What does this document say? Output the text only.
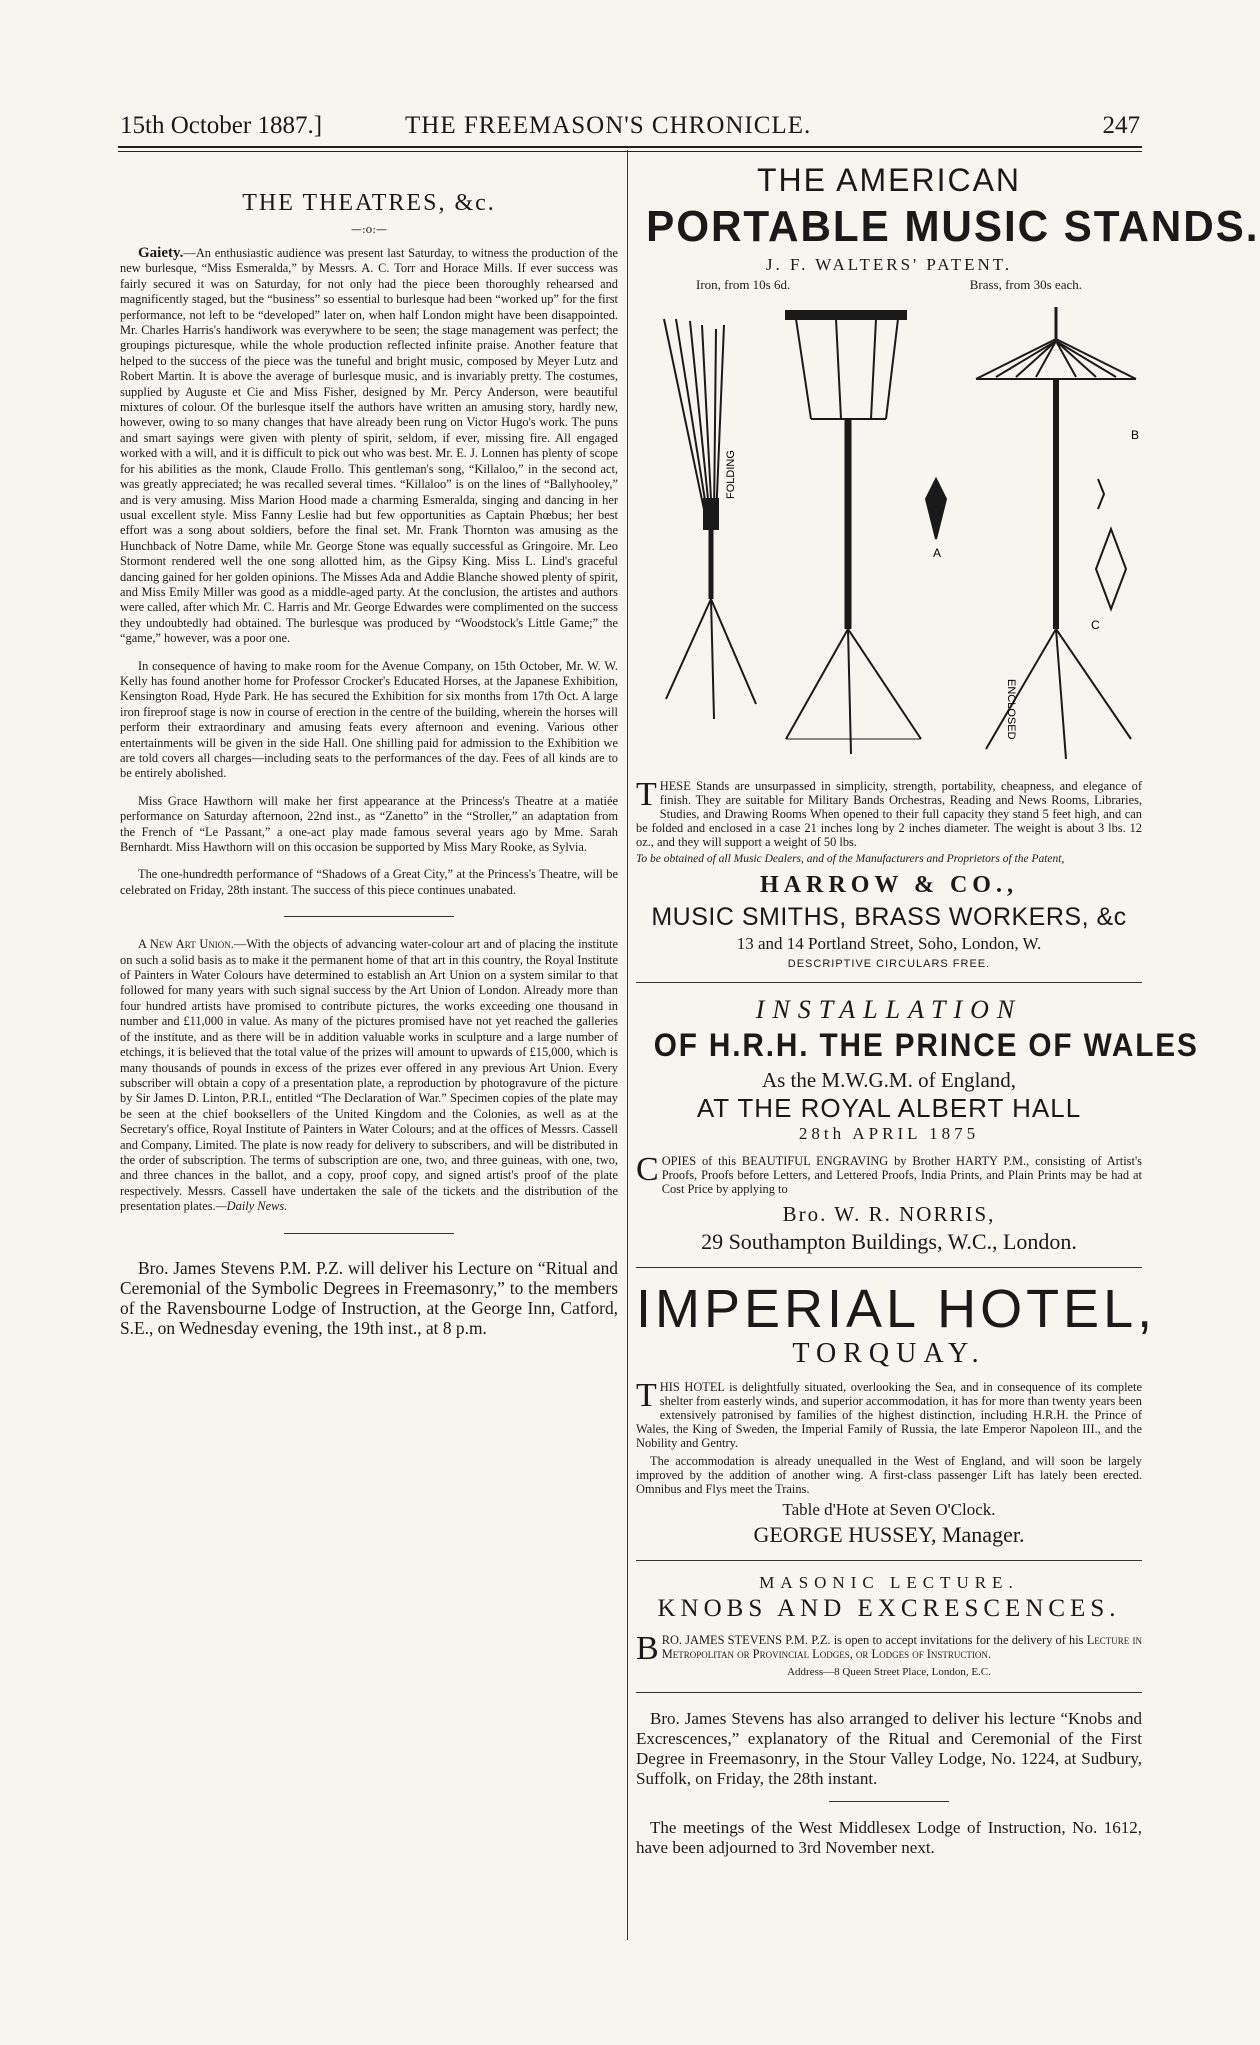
15th October 1887.]	THE FREEMASON'S CHRONICLE.	247
THE THEATRES, &c.
—:o:—

Gaiety.—An enthusiastic audience was present last Saturday, to witness the production of the new burlesque, “Miss Esmeralda,” by Messrs. A. C. Torr and Horace Mills. If ever success was fairly secured it was on Saturday, for not only had the piece been thoroughly rehearsed and magnificently staged, but the “business” so essential to burlesque had been “worked up” for the first performance, not left to be “developed” later on, when half London might have been disappointed. Mr. Charles Harris's handiwork was everywhere to be seen; the stage management was perfect; the groupings picturesque, while the whole production reflected infinite praise. Another feature that helped to the success of the piece was the tuneful and bright music, composed by Meyer Lutz and Robert Martin. It is above the average of burlesque music, and is invariably pretty. The costumes, supplied by Auguste et Cie and Miss Fisher, designed by Mr. Percy Anderson, were beautiful mixtures of colour. Of the burlesque itself the authors have written an amusing story, hardly new, however, owing to so many changes that have already been rung on Victor Hugo's work. The puns and smart sayings were given with plenty of spirit, seldom, if ever, missing fire. All engaged worked with a will, and it is difficult to pick out who was best. Mr. E. J. Lonnen has plenty of scope for his abilities as the monk, Claude Frollo. This gentleman's song, “Killaloo,” in the second act, was greatly appreciated; he was recalled several times. “Killaloo” is on the lines of “Ballyhooley,” and is very amusing. Miss Marion Hood made a charming Esmeralda, singing and dancing in her usual excellent style. Miss Fanny Leslie had but few opportunities as Captain Phœbus; her best effort was a song about soldiers, before the final set. Mr. Frank Thornton was amusing as the Hunchback of Notre Dame, while Mr. George Stone was equally successful as Gringoire. Mr. Leo Stormont rendered well the one song allotted him, as the Gipsy King. Miss L. Lind's graceful dancing gained for her golden opinions. The Misses Ada and Addie Blanche showed plenty of spirit, and Miss Emily Miller was good as a middle-aged party. At the conclusion, the artistes and authors were called, after which Mr. C. Harris and Mr. George Edwardes were complimented on the success they undoubtedly had obtained. The burlesque was produced by “Woodstock's Little Game;” the “game,” however, was a poor one.

In consequence of having to make room for the Avenue Company, on 15th October, Mr. W. W. Kelly has found another home for Professor Crocker's Educated Horses, at the Japanese Exhibition, Kensington Road, Hyde Park. He has secured the Exhibition for six months from 17th Oct. A large iron fireproof stage is now in course of erection in the centre of the building, wherein the horses will perform their extraordinary and amusing feats every afternoon and evening. Various other entertainments will be given in the side Hall. One shilling paid for admission to the Exhibition we are told covers all charges—including seats to the performances of the day. Fees of all kinds are to be entirely abolished.

Miss Grace Hawthorn will make her first appearance at the Princess's Theatre at a matiée performance on Saturday afternoon, 22nd inst., as “Zanetto” in the “Stroller,” an adaptation from the French of “Le Passant,” a one-act play made famous several years ago by Mme. Sarah Bernhardt. Miss Hawthorn will on this occasion be supported by Miss Mary Rooke, as Sylvia.

The one-hundredth performance of “Shadows of a Great City,” at the Princess's Theatre, will be celebrated on Friday, 28th instant. The success of this piece continues unabated.

A New Art Union.—With the objects of advancing water-colour art and of placing the institute on such a solid basis as to make it the permanent home of that art in this country, the Royal Institute of Painters in Water Colours have determined to establish an Art Union on a system similar to that followed for many years with such signal success by the Art Union of London. Already more than four hundred artists have promised to contribute pictures, the works exceeding one thousand in number and £11,000 in value. As many of the pictures promised have not yet reached the galleries of the institute, and as there will be in addition valuable works in sculpture and a large number of etchings, it is believed that the total value of the prizes will amount to upwards of £15,000, which is many thousands of pounds in excess of the prizes ever offered in any previous Art Union. Every subscriber will obtain a copy of a presentation plate, a reproduction by photogravure of the picture by Sir James D. Linton, P.R.I., entitled “The Declaration of War.” Specimen copies of the plate may be seen at the chief booksellers of the United Kingdom and the Colonies, as well as at the Secretary's office, Royal Institute of Painters in Water Colours; and at the offices of Messrs. Cassell and Company, Limited. The plate is now ready for delivery to subscribers, and will be distributed in the order of subscription. The terms of subscription are one, two, and three guineas, with one, two, and three chances in the ballot, and a copy, proof copy, and signed artist's proof of the plate respectively. Messrs. Cassell have undertaken the sale of the tickets and the distribution of the presentation plates.—Daily News.

Bro. James Stevens P.M. P.Z. will deliver his Lecture on “Ritual and Ceremonial of the Symbolic Degrees in Freemasonry,” to the members of the Ravensbourne Lodge of Instruction, at the George Inn, Catford, S.E., on Wednesday evening, the 19th inst., at 8 p.m.

THE AMERICAN
PORTABLE MUSIC STANDS.
J. F. WALTERS' PATENT.
Iron, from 10s 6d.	Brass, from 30s each.
FOLDING
ENCLOSED
B
C
A

THESE Stands are unsurpassed in simplicity, strength, portability, cheapness, and elegance of finish. They are suitable for Military Bands Orchestras, Reading and News Rooms, Libraries, Studies, and Drawing Rooms When opened to their full capacity they stand 5 feet high, and can be folded and enclosed in a case 21 inches long by 2 inches diameter. The weight is about 3 lbs. 12 oz., and they will support a weight of 50 lbs.

To be obtained of all Music Dealers, and of the Manufacturers and Proprietors of the Patent,

HARROW & CO.,
MUSIC SMITHS, BRASS WORKERS, &c
13 and 14 Portland Street, Soho, London, W.
DESCRIPTIVE CIRCULARS FREE.
INSTALLATION
OF H.R.H. THE PRINCE OF WALES
As the M.W.G.M. of England,
AT THE ROYAL ALBERT HALL
28th APRIL 1875

COPIES of this BEAUTIFUL ENGRAVING by Brother HARTY P.M., consisting of Artist's Proofs, Proofs before Letters, and Lettered Proofs, India Prints, and Plain Prints may be had at Cost Price by applying to

Bro. W. R. NORRIS,
29 Southampton Buildings, W.C., London.
IMPERIAL HOTEL,
TORQUAY.

THIS HOTEL is delightfully situated, overlooking the Sea, and in consequence of its complete shelter from easterly winds, and superior accommodation, it has for more than twenty years been extensively patronised by families of the highest distinction, including H.R.H. the Prince of Wales, the King of Sweden, the Imperial Family of Russia, the late Emperor Napoleon III., and the Nobility and Gentry.

The accommodation is already unequalled in the West of England, and will soon be largely improved by the addition of another wing. A first-class passenger Lift has lately been erected. Omnibus and Flys meet the Trains.

Table d'Hote at Seven O'Clock.
GEORGE HUSSEY, Manager.
MASONIC LECTURE.
KNOBS AND EXCRESCENCES.

BRO. JAMES STEVENS P.M. P.Z. is open to accept invitations for the delivery of his Lecture in Metropolitan or Provincial Lodges, or Lodges of Instruction.

Address—8 Queen Street Place, London, E.C.

Bro. James Stevens has also arranged to deliver his lecture “Knobs and Excrescences,” explanatory of the Ritual and Ceremonial of the First Degree in Freemasonry, in the Stour Valley Lodge, No. 1224, at Sudbury, Suffolk, on Friday, the 28th instant.

The meetings of the West Middlesex Lodge of Instruction, No. 1612, have been adjourned to 3rd November next.
